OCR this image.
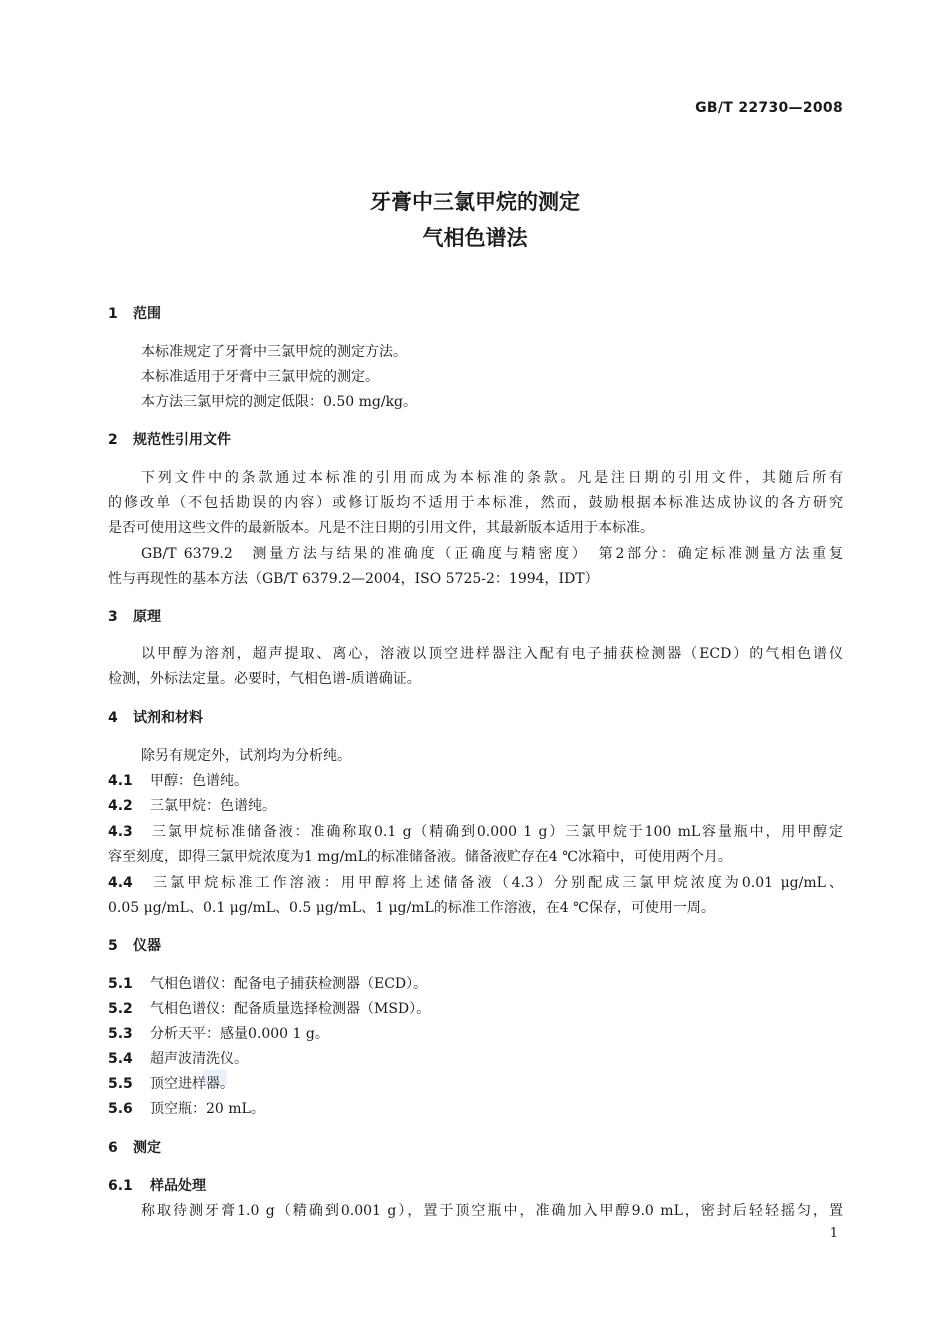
GB/T 22730—2008
牙膏中三氯甲烷的测定
气相色谱法
1 范围
本标准规定了牙膏中三氯甲烷的测定方法。
本标准适用于牙膏中三氯甲烷的测定。
本方法三氯甲烷的测定低限：0.50 mg/kg。
2 规范性引用文件
下列文件中的条款通过本标准的引用而成为本标准的条款。凡是注日期的引用文件，其随后所有
的修改单（不包括勘误的内容）或修订版均不适用于本标准，然而，鼓励根据本标准达成协议的各方研究
是否可使用这些文件的最新版本。凡是不注日期的引用文件，其最新版本适用于本标准。
GB/T 6379.2　测量方法与结果的准确度（正确度与精密度）　第2部分：确定标准测量方法重复
性与再现性的基本方法（GB/T 6379.2—2004，ISO 5725-2：1994，IDT）
3 原理
以甲醇为溶剂，超声提取、离心，溶液以顶空进样器注入配有电子捕获检测器（ECD）的气相色谱仪
检测，外标法定量。必要时，气相色谱-质谱确证。
4 试剂和材料
除另有规定外，试剂均为分析纯。
4.1 甲醇：色谱纯。
4.2 三氯甲烷：色谱纯。
4.3 三氯甲烷标准储备液：准确称取0.1 g（精确到0.000 1 g）三氯甲烷于100 mL容量瓶中，用甲醇定
容至刻度，即得三氯甲烷浓度为1 mg/mL的标准储备液。储备液贮存在4 ℃冰箱中，可使用两个月。
4.4 三氯甲烷标准工作溶液：用甲醇将上述储备液（4.3）分别配成三氯甲烷浓度为0.01 μg/mL、
0.05 μg/mL、0.1 μg/mL、0.5 μg/mL、1 μg/mL的标准工作溶液，在4 ℃保存，可使用一周。
5 仪器
5.1 气相色谱仪：配备电子捕获检测器（ECD）。
5.2 气相色谱仪：配备质量选择检测器（MSD）。
5.3 分析天平：感量0.000 1 g。
5.4 超声波清洗仪。
5.5 顶空进样器。
5.6 顶空瓶：20 mL。
6 测定
6.1 样品处理
称取待测牙膏1.0 g（精确到0.001 g），置于顶空瓶中，准确加入甲醇9.0 mL，密封后轻轻摇匀，置
1
